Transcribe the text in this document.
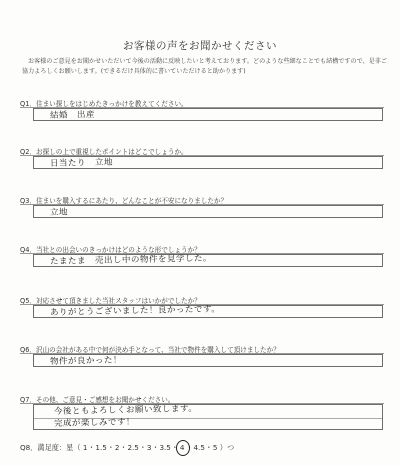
お客様の声をお聞かせください
お客様のご意見をお聞かせいただいて今後の活動に反映したいと考えております。どのような些細なことでも結構ですので、是非ご協力よろしくお願いします。(できるだけ具体的に書いていただけると助かります)
Q1．住まい探しをはじめたきっかけを教えてください。
結婚　出産
Q2．お探しの上で重視したポイントはどこでしょうか。
日当たり　立地
Q3．住まいを購入するにあたり、どんなことが不安になりましたか？
立地
Q4．当社との出会いのきっかけはどのような形でしょうか？
たまたま　売出し中の物件を見学した。
Q5．対応させて頂きました当社スタッフはいかがでしたか？
ありがとうございました！良かったです。
Q6．沢山の会社がある中で何が決め手となって、当社で物件を購入して頂けましたか？
物件が良かった！
Q7．その他、ご意見・ご感想をお聞かせください。
今後ともよろしくお願い致します。
完成が楽しみです！
Q8．満足度：星（ 1・1.5・2・2.5・3・3.5・4・4.5・5 ）つ
